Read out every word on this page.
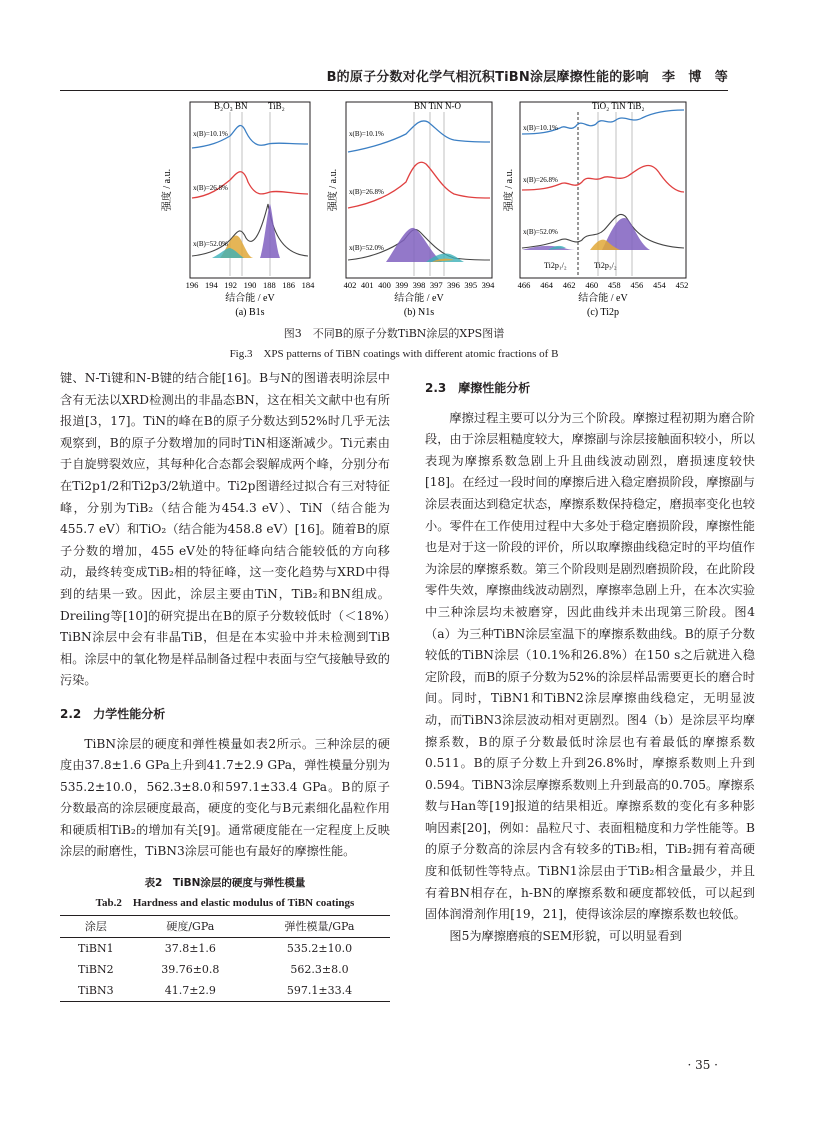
B的原子分数对化学气相沉积TiBN涂层摩擦性能的影响　李　博　等
强度 / a.u.	强度 / a.u.	强度 / a.u.
B₂O₃ BN TiB₂	BN TiN N-O	TiO₂ TiN TiB₂
x(B)=10.1%
x(B)=26.8%
x(B)=52.0%
x(B)=10.1%
x(B)=26.8%
x(B)=52.0%
x(B)=10.1%
x(B)=26.8%
x(B)=52.0%
Ti2p₁/₂	Ti2p₃/₂
196 194 192 190 188 186 184	402 401 400 399 398 397 396 395 394	466 464 462 460 458 456 454 452
结合能 / eV	结合能 / eV	结合能 / eV
(a) B1s	(b) N1s	(c) Ti2p
图3　不同B的原子分数TiBN涂层的XPS图谱
Fig.3　XPS patterns of TiBN coatings with different atomic fractions of B

键、N-Ti键和N-B键的结合能[16]。B与N的图谱表明涂层中含有无法以XRD检测出的非晶态BN，这在相关文献中也有所报道[3，17]。TiN的峰在B的原子分数达到52%时几乎无法观察到，B的原子分数增加的同时TiN相逐渐减少。Ti元素由于自旋劈裂效应，其每种化合态都会裂解成两个峰，分别分布在Ti2p1/2和Ti2p3/2轨道中。Ti2p图谱经过拟合有三对特征峰，分别为TiB₂（结合能为454.3 eV）、TiN（结合能为455.7 eV）和TiO₂（结合能为458.8 eV）[16]。随着B的原子分数的增加，455 eV处的特征峰向结合能较低的方向移动，最终转变成TiB₂相的特征峰，这一变化趋势与XRD中得到的结果一致。因此，涂层主要由TiN，TiB₂和BN组成。Dreiling等[10]的研究提出在B的原子分数较低时（＜18%）TiBN涂层中会有非晶TiB，但是在本实验中并未检测到TiB相。涂层中的氧化物是样品制备过程中表面与空气接触导致的污染。

2.2　力学性能分析

TiBN涂层的硬度和弹性模量如表2所示。三种涂层的硬度由37.8±1.6 GPa上升到41.7±2.9 GPa，弹性模量分别为535.2±10.0，562.3±8.0和597.1±33.4 GPa。B的原子分数最高的涂层硬度最高，硬度的变化与B元素细化晶粒作用和硬质相TiB₂的增加有关[9]。通常硬度能在一定程度上反映涂层的耐磨性，TiBN3涂层可能也有最好的摩擦性能。

表2　TiBN涂层的硬度与弹性模量
Tab.2　Hardness and elastic modulus of TiBN coatings
涂层	硬度/GPa	弹性模量/GPa
TiBN1	37.8±1.6	535.2±10.0
TiBN2	39.76±0.8	562.3±8.0
TiBN3	41.7±2.9	597.1±33.4
2.3　摩擦性能分析

摩擦过程主要可以分为三个阶段。摩擦过程初期为磨合阶段，由于涂层粗糙度较大，摩擦副与涂层接触面积较小，所以表现为摩擦系数急剧上升且曲线波动剧烈，磨损速度较快[18]。在经过一段时间的摩擦后进入稳定磨损阶段，摩擦副与涂层表面达到稳定状态，摩擦系数保持稳定，磨损率变化也较小。零件在工作使用过程中大多处于稳定磨损阶段，摩擦性能也是对于这一阶段的评价，所以取摩擦曲线稳定时的平均值作为涂层的摩擦系数。第三个阶段则是剧烈磨损阶段，在此阶段零件失效，摩擦曲线波动剧烈，摩擦率急剧上升，在本次实验中三种涂层均未被磨穿，因此曲线并未出现第三阶段。图4（a）为三种TiBN涂层室温下的摩擦系数曲线。B的原子分数较低的TiBN涂层（10.1%和26.8%）在150 s之后就进入稳定阶段，而B的原子分数为52%的涂层样品需要更长的磨合时间。同时，TiBN1和TiBN2涂层摩擦曲线稳定，无明显波动，而TiBN3涂层波动相对更剧烈。图4（b）是涂层平均摩擦系数，B的原子分数最低时涂层也有着最低的摩擦系数0.511。B的原子分数上升到26.8%时，摩擦系数则上升到0.594。TiBN3涂层摩擦系数则上升到最高的0.705。摩擦系数与Han等[19]报道的结果相近。摩擦系数的变化有多种影响因素[20]，例如：晶粒尺寸、表面粗糙度和力学性能等。B的原子分数高的涂层内含有较多的TiB₂相，TiB₂拥有着高硬度和低韧性等特点。TiBN1涂层由于TiB₂相含量最少，并且有着BN相存在，h-BN的摩擦系数和硬度都较低，可以起到固体润滑剂作用[19，21]，使得该涂层的摩擦系数也较低。

图5为摩擦磨痕的SEM形貌，可以明显看到

· 35 ·
